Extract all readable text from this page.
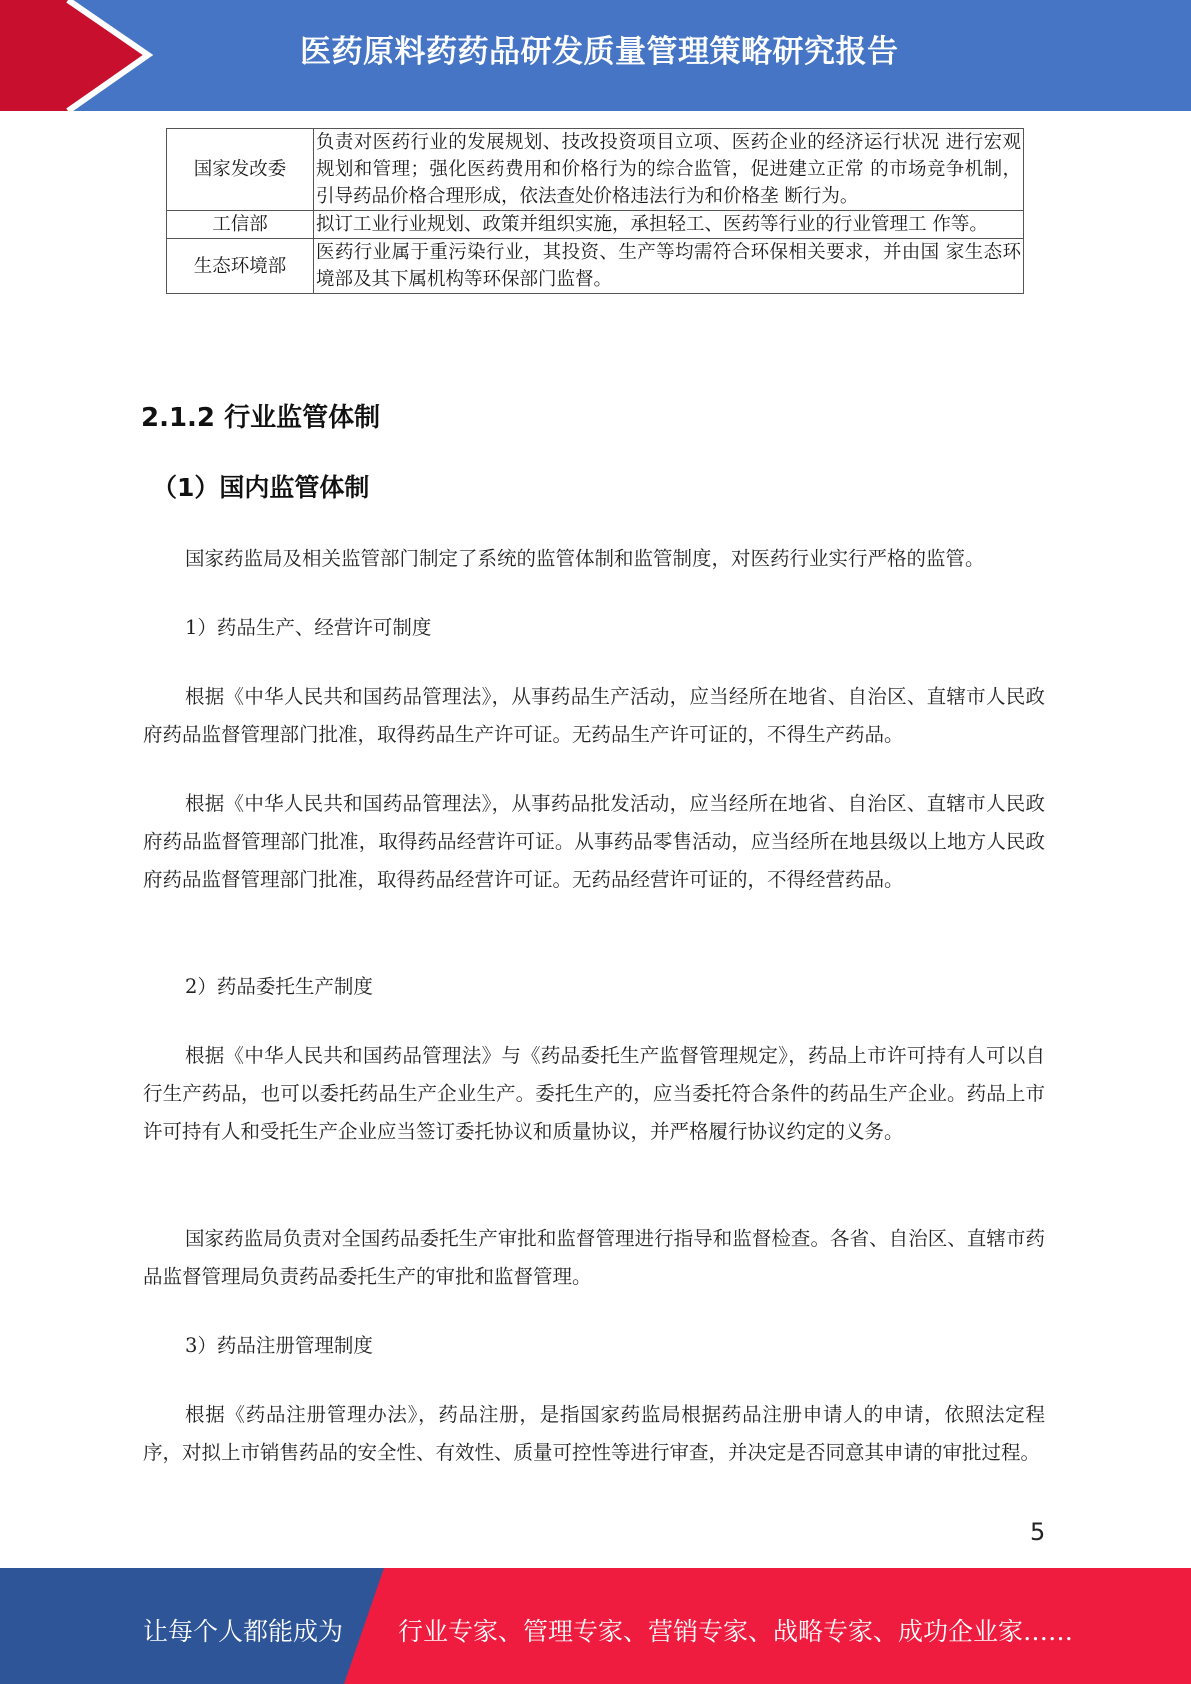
医药原料药药品研发质量管理策略研究报告
国家发改委	负责对医药行业的发展规划、技改投资项目立项、医药企业的经济运行状况 进行宏观规划和管理；强化医药费用和价格行为的综合监管，促进建立正常 的市场竞争机制，引导药品价格合理形成，依法查处价格违法行为和价格垄 断行为。
工信部	拟订工业行业规划、政策并组织实施，承担轻工、医药等行业的行业管理工 作等。
生态环境部	医药行业属于重污染行业，其投资、生产等均需符合环保相关要求，并由国 家生态环境部及其下属机构等环保部门监督。
2.1.2 行业监管体制
（1）国内监管体制

国家药监局及相关监管部门制定了系统的监管体制和监管制度，对医药行业实行严格的监管。

1）药品生产、经营许可制度

根据《中华人民共和国药品管理法》，从事药品生产活动，应当经所在地省、自治区、直辖市人民政府药品监督管理部门批准，取得药品生产许可证。无药品生产许可证的，不得生产药品。

根据《中华人民共和国药品管理法》，从事药品批发活动，应当经所在地省、自治区、直辖市人民政府药品监督管理部门批准，取得药品经营许可证。从事药品零售活动，应当经所在地县级以上地方人民政府药品监督管理部门批准，取得药品经营许可证。无药品经营许可证的，不得经营药品。

2）药品委托生产制度

根据《中华人民共和国药品管理法》与《药品委托生产监督管理规定》，药品上市许可持有人可以自行生产药品，也可以委托药品生产企业生产。委托生产的，应当委托符合条件的药品生产企业。药品上市许可持有人和受托生产企业应当签订委托协议和质量协议，并严格履行协议约定的义务。

国家药监局负责对全国药品委托生产审批和监督管理进行指导和监督检查。各省、自治区、直辖市药品监督管理局负责药品委托生产的审批和监督管理。

3）药品注册管理制度

根据《药品注册管理办法》，药品注册，是指国家药监局根据药品注册申请人的申请，依照法定程序，对拟上市销售药品的安全性、有效性、质量可控性等进行审查，并决定是否同意其申请的审批过程。

5
让每个人都能成为 行业专家、管理专家、营销专家、战略专家、成功企业家……
